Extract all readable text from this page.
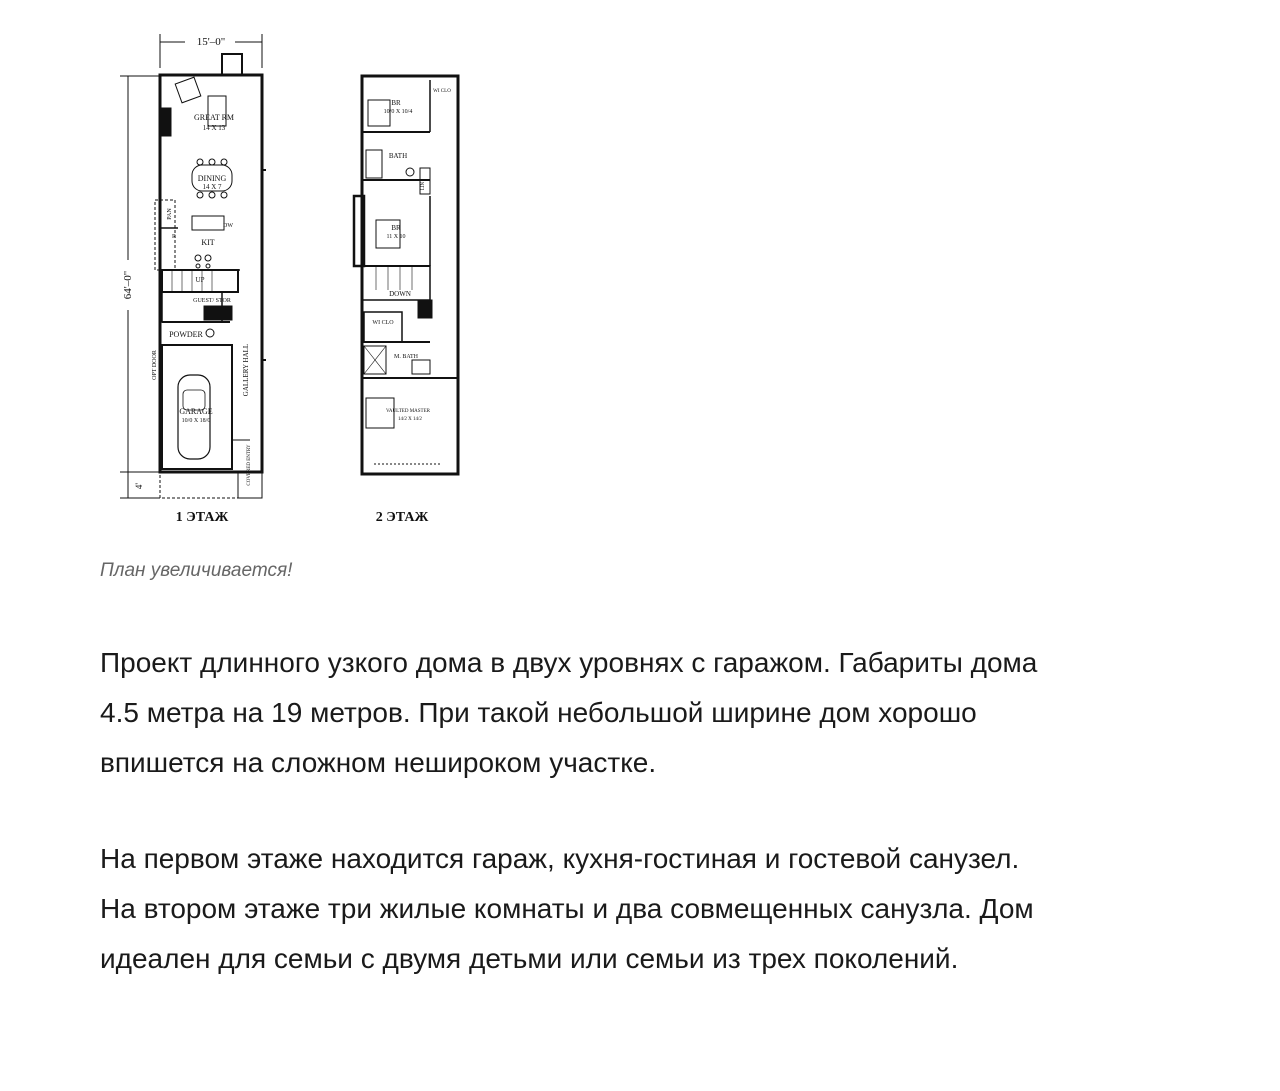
15'–0"
64'–0"
4'
GREAT RM
14 X 13
DINING
14 X 7
PAN
R
DW
KIT
UP
GUEST/ STOR
POWDER
GARAGE
10/0 X 18/0
GALLERY HALL
OPT DOOR
COVERED ENTRY
1 ЭТАЖ
BR
10/0 X 10/4
WI CLO
BATH
LIN
BR
11 X 10
DOWN
WI CLO
M. BATH
VAULTED MASTER
14/2 X 14/2
2 ЭТАЖ

План увеличивается!

Проект длинного узкого дома в двух уровнях с гаражом. Габариты дома
4.5 метра на 19 метров. При такой небольшой ширине дом хорошо
впишется на сложном нешироком участке.

На первом этаже находится гараж, кухня-гостиная и гостевой санузел.
На втором этаже три жилые комнаты и два совмещенных санузла. Дом
идеален для семьи с двумя детьми или семьи из трех поколений.
